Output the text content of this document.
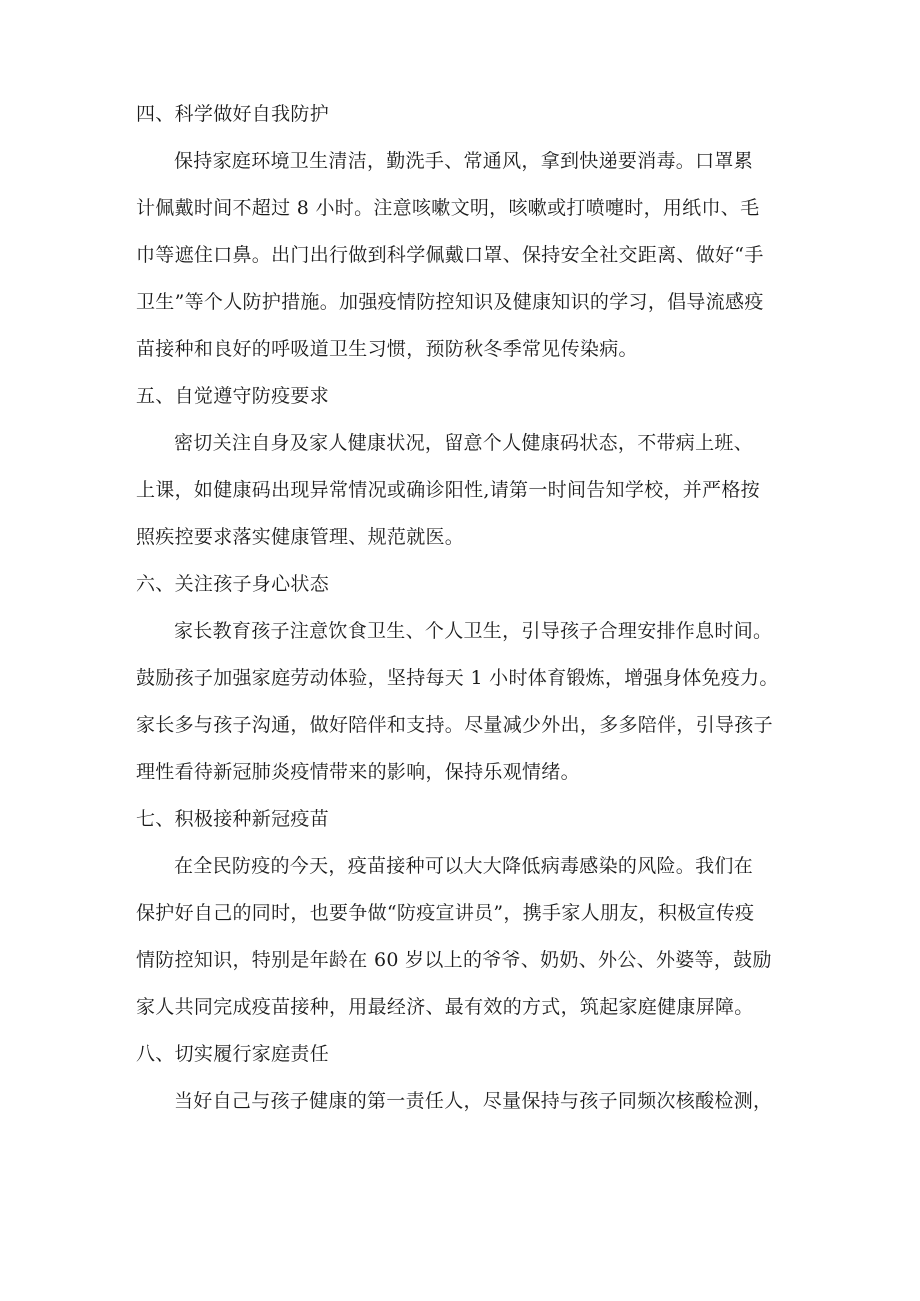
四、科学做好自我防护
保持家庭环境卫生清洁，勤洗手、常通风，拿到快递要消毒。口罩累
计佩戴时间不超过 8 小时。注意咳嗽文明，咳嗽或打喷嚏时，用纸巾、毛
巾等遮住口鼻。出门出行做到科学佩戴口罩、保持安全社交距离、做好“手
卫生”等个人防护措施。加强疫情防控知识及健康知识的学习，倡导流感疫
苗接种和良好的呼吸道卫生习惯，预防秋冬季常见传染病。
五、自觉遵守防疫要求
密切关注自身及家人健康状况，留意个人健康码状态，不带病上班、
上课，如健康码出现异常情况或确诊阳性,请第一时间告知学校，并严格按
照疾控要求落实健康管理、规范就医。
六、关注孩子身心状态
家长教育孩子注意饮食卫生、个人卫生，引导孩子合理安排作息时间。
鼓励孩子加强家庭劳动体验，坚持每天 1 小时体育锻炼，增强身体免疫力。
家长多与孩子沟通，做好陪伴和支持。尽量减少外出，多多陪伴，引导孩子
理性看待新冠肺炎疫情带来的影响，保持乐观情绪。
七、积极接种新冠疫苗
在全民防疫的今天，疫苗接种可以大大降低病毒感染的风险。我们在
保护好自己的同时，也要争做“防疫宣讲员”，携手家人朋友，积极宣传疫
情防控知识，特别是年龄在 60 岁以上的爷爷、奶奶、外公、外婆等，鼓励
家人共同完成疫苗接种，用最经济、最有效的方式，筑起家庭健康屏障。
八、切实履行家庭责任
当好自己与孩子健康的第一责任人，尽量保持与孩子同频次核酸检测，
